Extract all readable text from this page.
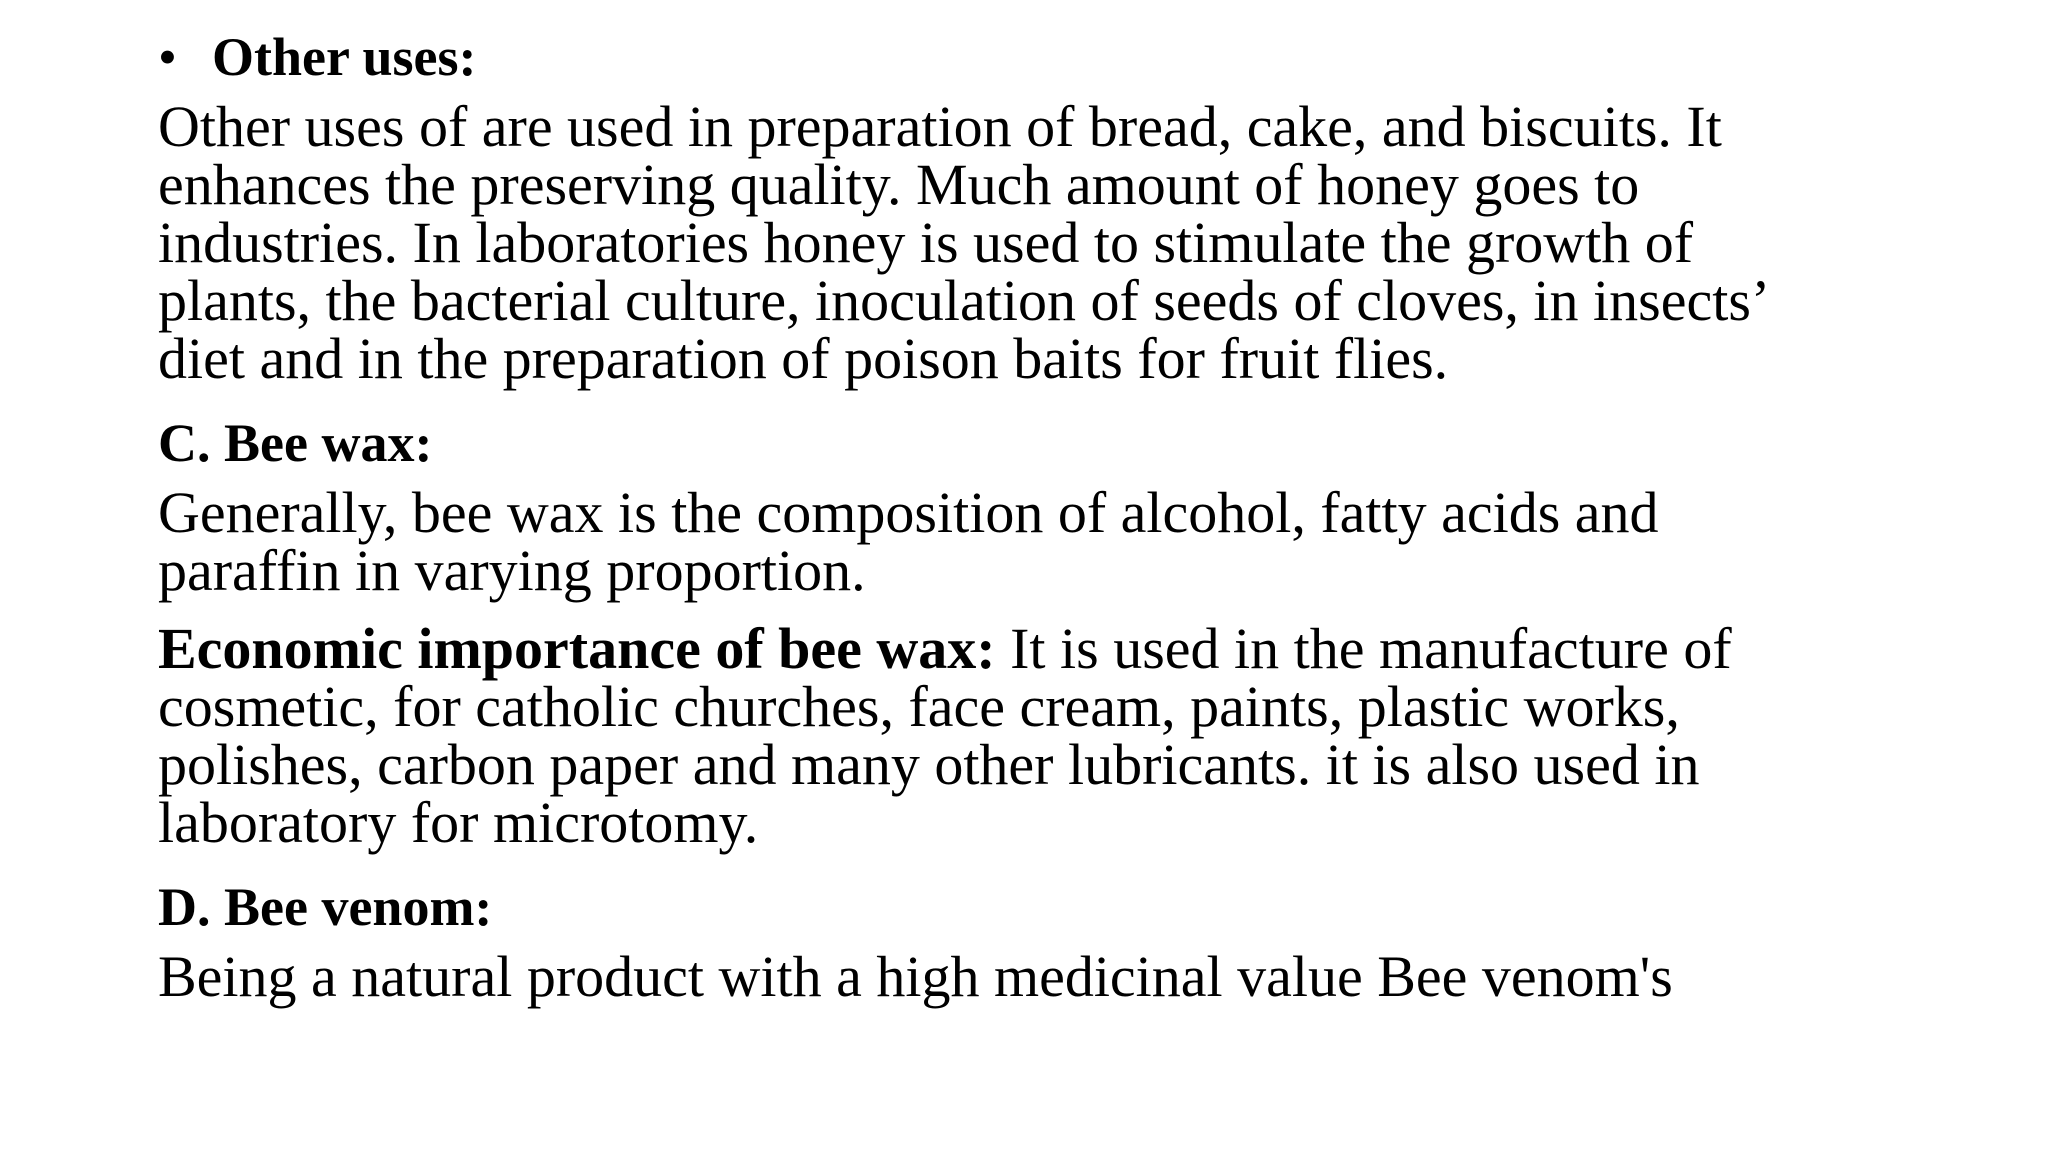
• Other uses:
Other uses of are used in preparation of bread, cake, and biscuits. It
enhances the preserving quality. Much amount of honey goes to
industries. In laboratories honey is used to stimulate the growth of
plants, the bacterial culture, inoculation of seeds of cloves, in insects’
diet and in the preparation of poison baits for fruit flies.
C. Bee wax:
Generally, bee wax is the composition of alcohol, fatty acids and
paraffin in varying proportion.
Economic importance of bee wax: It is used in the manufacture of
cosmetic, for catholic churches, face cream, paints, plastic works,
polishes, carbon paper and many other lubricants. it is also used in
laboratory for microtomy.
D. Bee venom:
Being a natural product with a high medicinal value Bee venom's
